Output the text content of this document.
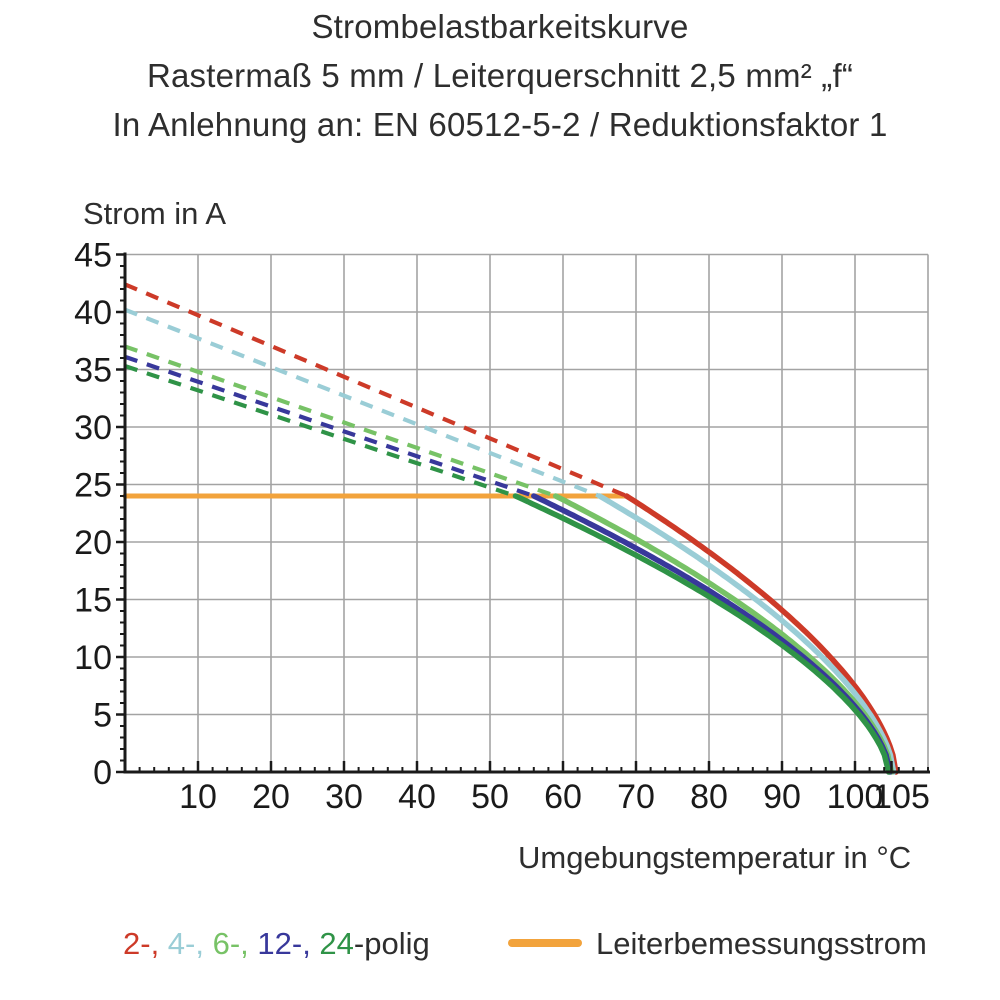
Strombelastbarkeitskurve
Rastermaß 5 mm / Leiterquerschnitt 2,5 mm² „f“
In Anlehnung an: EN 60512-5-2 / Reduktionsfaktor 1
Strom in A
10 20 30 40 50 60 70 80 90 100
105
0
5
10
15
20
25
30
35
40
45
Umgebungstemperatur in °C
2-, 4-, 6-, 12-, 24-polig	Leiterbemessungsstrom
